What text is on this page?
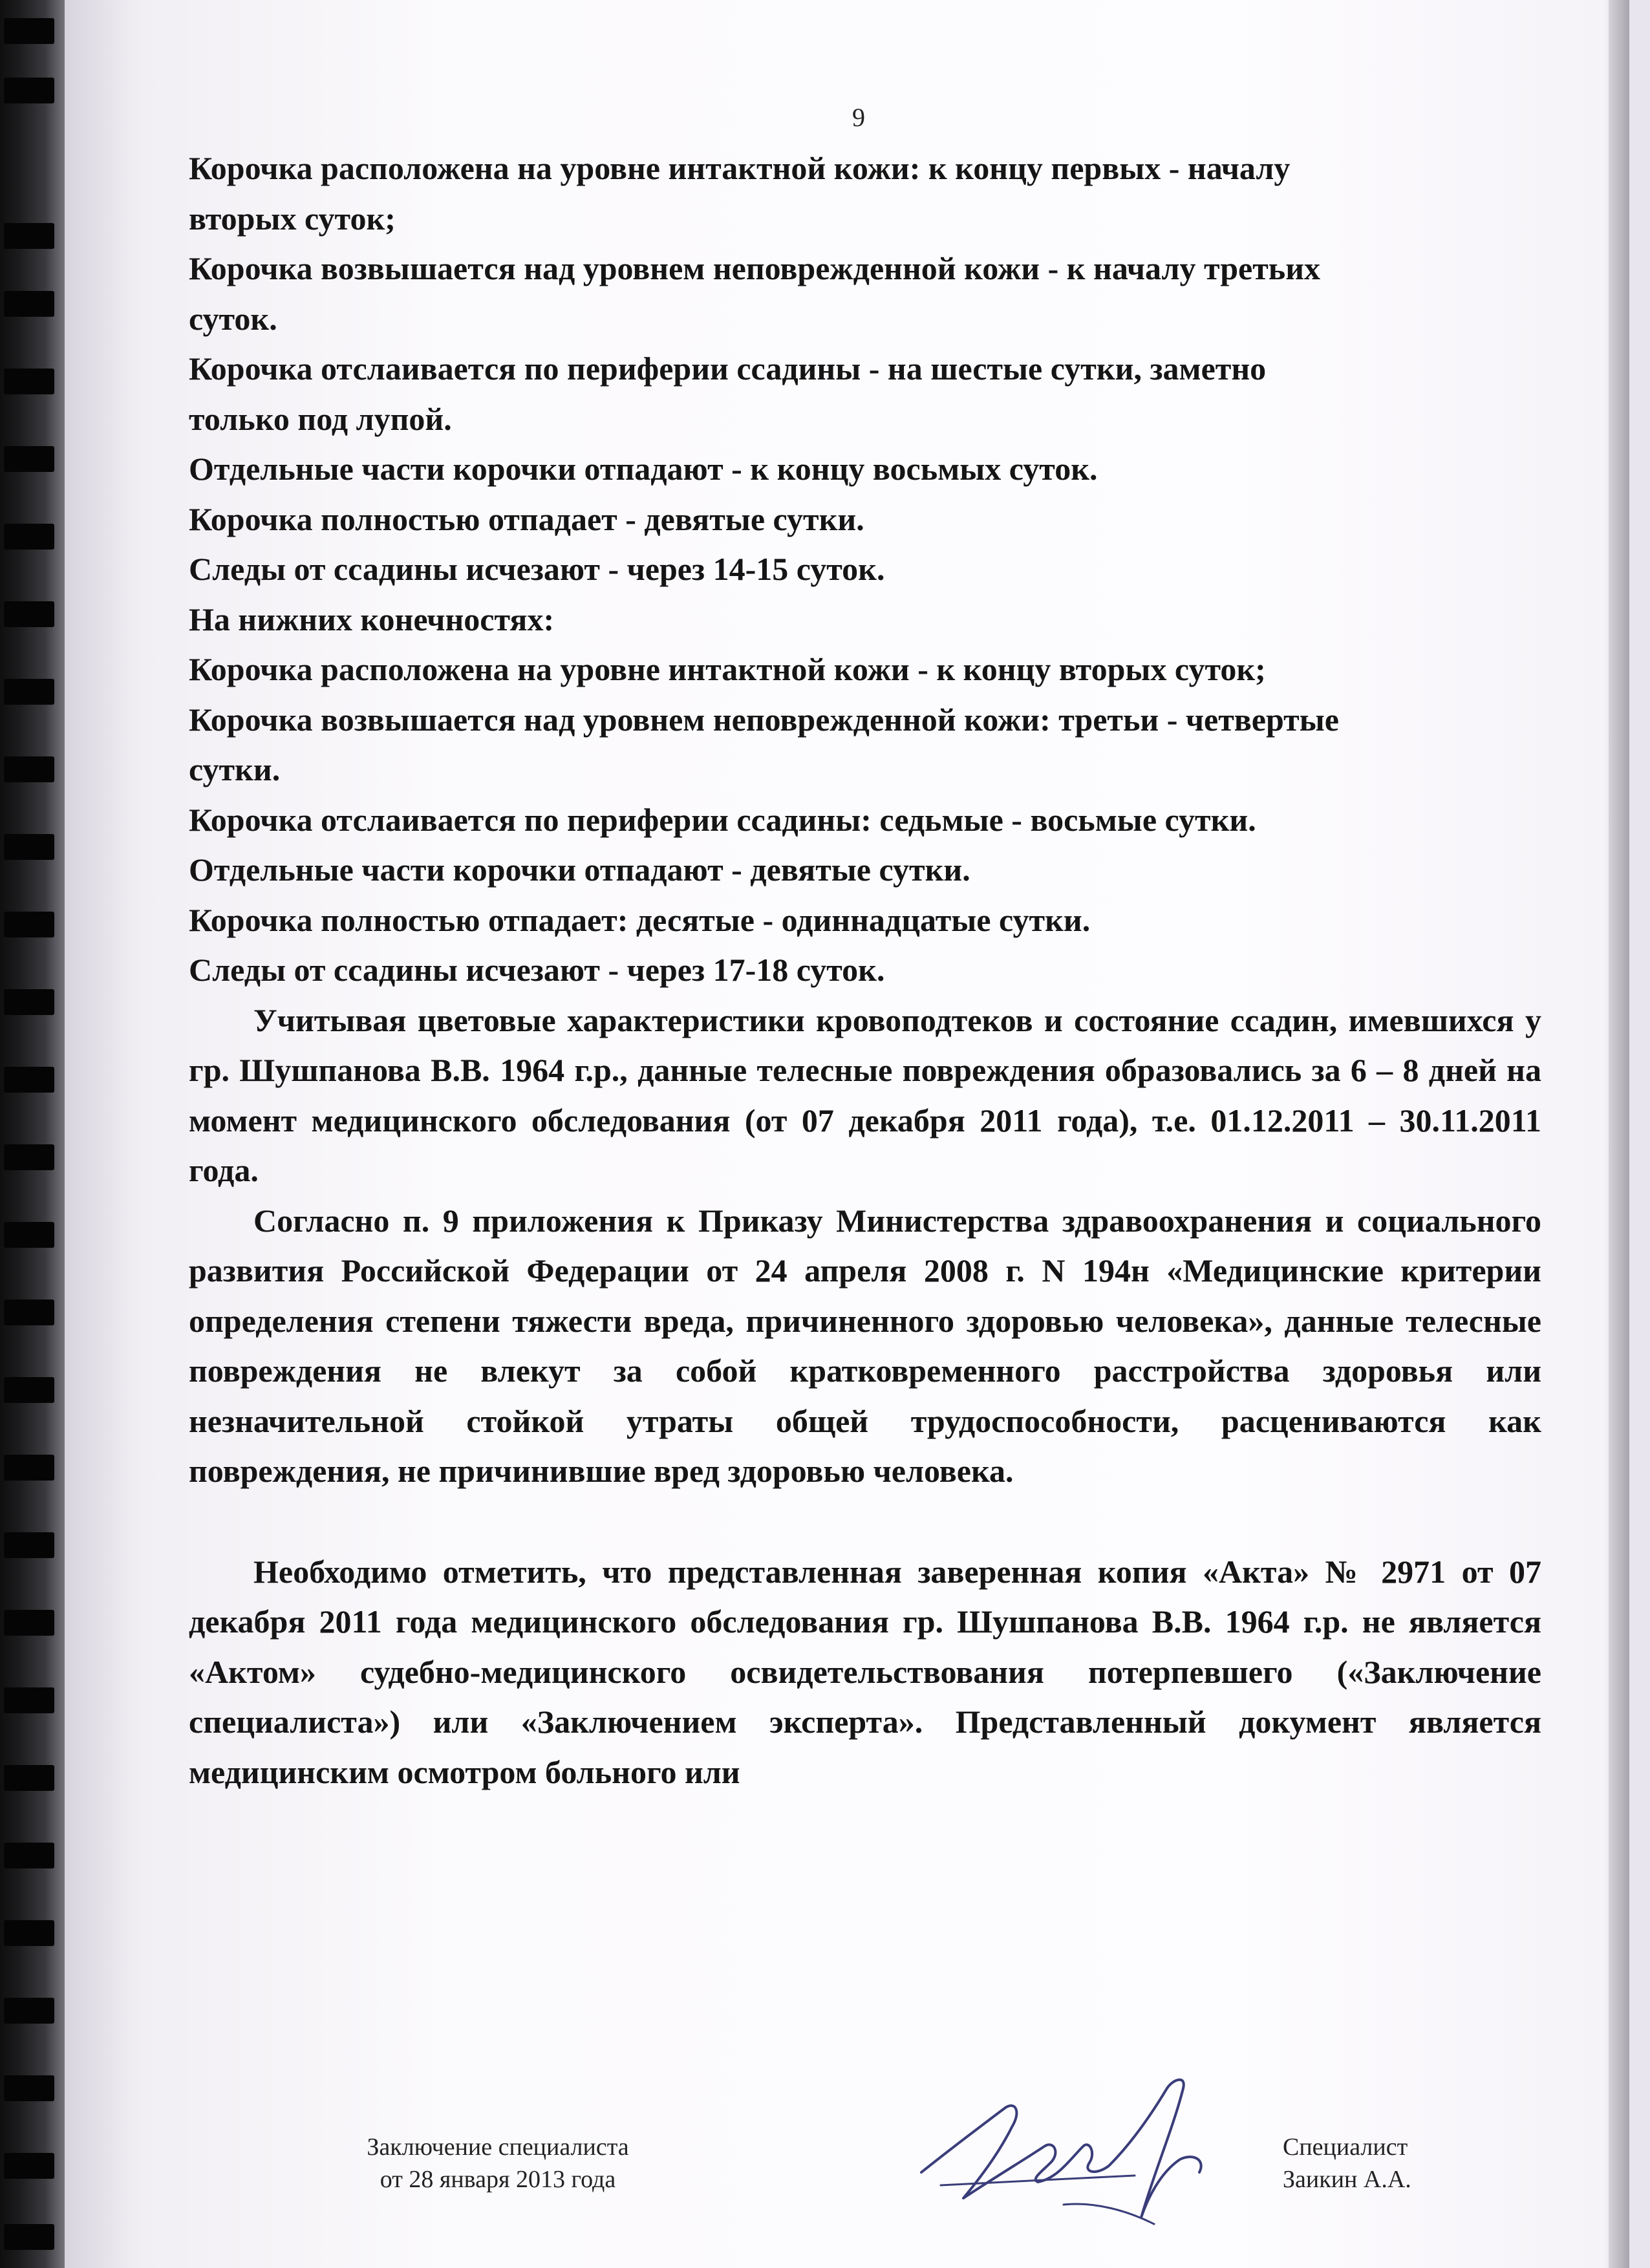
9
Корочка расположена на уровне интактной кожи: к концу первых - началу
вторых суток;
Корочка возвышается над уровнем неповрежденной кожи - к началу третьих
суток.
Корочка отслаивается по периферии ссадины - на шестые сутки, заметно
только под лупой.
Отдельные части корочки отпадают - к концу восьмых суток.
Корочка полностью отпадает - девятые сутки.
Следы от ссадины исчезают - через 14-15 суток.
На нижних конечностях:
Корочка расположена на уровне интактной кожи - к концу вторых суток;
Корочка возвышается над уровнем неповрежденной кожи: третьи - четвертые
сутки.
Корочка отслаивается по периферии ссадины: седьмые - восьмые сутки.
Отдельные части корочки отпадают - девятые сутки.
Корочка полностью отпадает: десятые - одиннадцатые сутки.
Следы от ссадины исчезают - через 17-18 суток.
Учитывая цветовые характеристики кровоподтеков и состояние ссадин, имевшихся у гр. Шушпанова В.В. 1964 г.р., данные телесные повреждения образовались за 6 – 8 дней на момент медицинского обследования (от 07 декабря 2011 года), т.е. 01.12.2011 – 30.11.2011 года.
Согласно п. 9 приложения к Приказу Министерства здравоохранения и социального развития Российской Федерации от 24 апреля 2008 г. N 194н «Медицинские критерии определения степени тяжести вреда, причиненного здоровью человека», данные телесные повреждения не влекут за собой кратковременного расстройства здоровья или незначительной стойкой утраты общей трудоспособности, расцениваются как повреждения, не причинившие вред здоровью человека.
Необходимо отметить, что представленная заверенная копия «Акта» № 2971 от 07 декабря 2011 года медицинского обследования гр. Шушпанова В.В. 1964 г.р. не является «Актом» судебно-медицинского освидетельствования потерпевшего («Заключение специалиста») или «Заключением эксперта». Представленный документ является медицинским осмотром больного или
Заключение специалиста
от 28 января 2013 года
Специалист
Заикин А.А.
